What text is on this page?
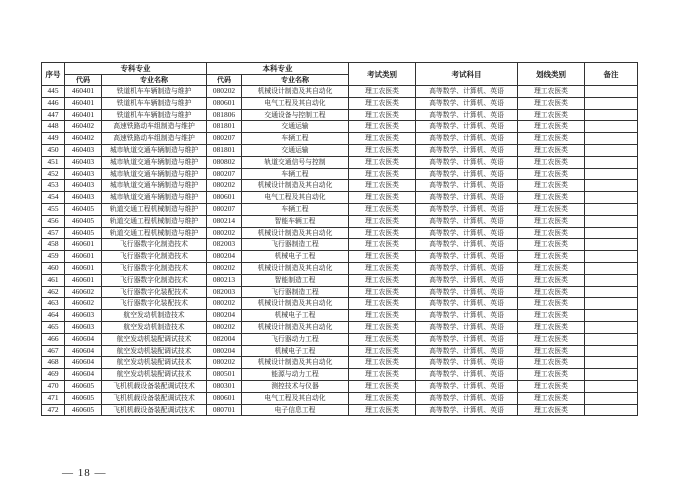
序号	专科专业		本科专业		考试类别	考试科目	划线类别	备注
	代码	专业名称	代码	专业名称				
445	460401	铁道机车车辆制造与维护	080202	机械设计制造及其自动化	理工农医类	高等数学、计算机、英语	理工农医类	
446	460401	铁道机车车辆制造与维护	080601	电气工程及其自动化	理工农医类	高等数学、计算机、英语	理工农医类	
447	460401	铁道机车车辆制造与维护	081806	交通设备与控制工程	理工农医类	高等数学、计算机、英语	理工农医类	
448	460402	高速铁路动车组制造与维护	081801	交通运输	理工农医类	高等数学、计算机、英语	理工农医类	
449	460402	高速铁路动车组制造与维护	080207	车辆工程	理工农医类	高等数学、计算机、英语	理工农医类	
450	460403	城市轨道交通车辆制造与维护	081801	交通运输	理工农医类	高等数学、计算机、英语	理工农医类	
451	460403	城市轨道交通车辆制造与维护	080802	轨道交通信号与控制	理工农医类	高等数学、计算机、英语	理工农医类	
452	460403	城市轨道交通车辆制造与维护	080207	车辆工程	理工农医类	高等数学、计算机、英语	理工农医类	
453	460403	城市轨道交通车辆制造与维护	080202	机械设计制造及其自动化	理工农医类	高等数学、计算机、英语	理工农医类	
454	460403	城市轨道交通车辆制造与维护	080601	电气工程及其自动化	理工农医类	高等数学、计算机、英语	理工农医类	
455	460405	轨道交通工程机械制造与维护	080207	车辆工程	理工农医类	高等数学、计算机、英语	理工农医类	
456	460405	轨道交通工程机械制造与维护	080214	智能车辆工程	理工农医类	高等数学、计算机、英语	理工农医类	
457	460405	轨道交通工程机械制造与维护	080202	机械设计制造及其自动化	理工农医类	高等数学、计算机、英语	理工农医类	
458	460601	飞行器数字化制造技术	082003	飞行器制造工程	理工农医类	高等数学、计算机、英语	理工农医类	
459	460601	飞行器数字化制造技术	080204	机械电子工程	理工农医类	高等数学、计算机、英语	理工农医类	
460	460601	飞行器数字化制造技术	080202	机械设计制造及其自动化	理工农医类	高等数学、计算机、英语	理工农医类	
461	460601	飞行器数字化制造技术	080213	智能制造工程	理工农医类	高等数学、计算机、英语	理工农医类	
462	460602	飞行器数字化装配技术	082003	飞行器制造工程	理工农医类	高等数学、计算机、英语	理工农医类	
463	460602	飞行器数字化装配技术	080202	机械设计制造及其自动化	理工农医类	高等数学、计算机、英语	理工农医类	
464	460603	航空发动机制造技术	080204	机械电子工程	理工农医类	高等数学、计算机、英语	理工农医类	
465	460603	航空发动机制造技术	080202	机械设计制造及其自动化	理工农医类	高等数学、计算机、英语	理工农医类	
466	460604	航空发动机装配调试技术	082004	飞行器动力工程	理工农医类	高等数学、计算机、英语	理工农医类	
467	460604	航空发动机装配调试技术	080204	机械电子工程	理工农医类	高等数学、计算机、英语	理工农医类	
468	460604	航空发动机装配调试技术	080202	机械设计制造及其自动化	理工农医类	高等数学、计算机、英语	理工农医类	
469	460604	航空发动机装配调试技术	080501	能源与动力工程	理工农医类	高等数学、计算机、英语	理工农医类	
470	460605	飞机机载设备装配调试技术	080301	测控技术与仪器	理工农医类	高等数学、计算机、英语	理工农医类	
471	460605	飞机机载设备装配调试技术	080601	电气工程及其自动化	理工农医类	高等数学、计算机、英语	理工农医类	
472	460605	飞机机载设备装配调试技术	080701	电子信息工程	理工农医类	高等数学、计算机、英语	理工农医类	
— 18 —
